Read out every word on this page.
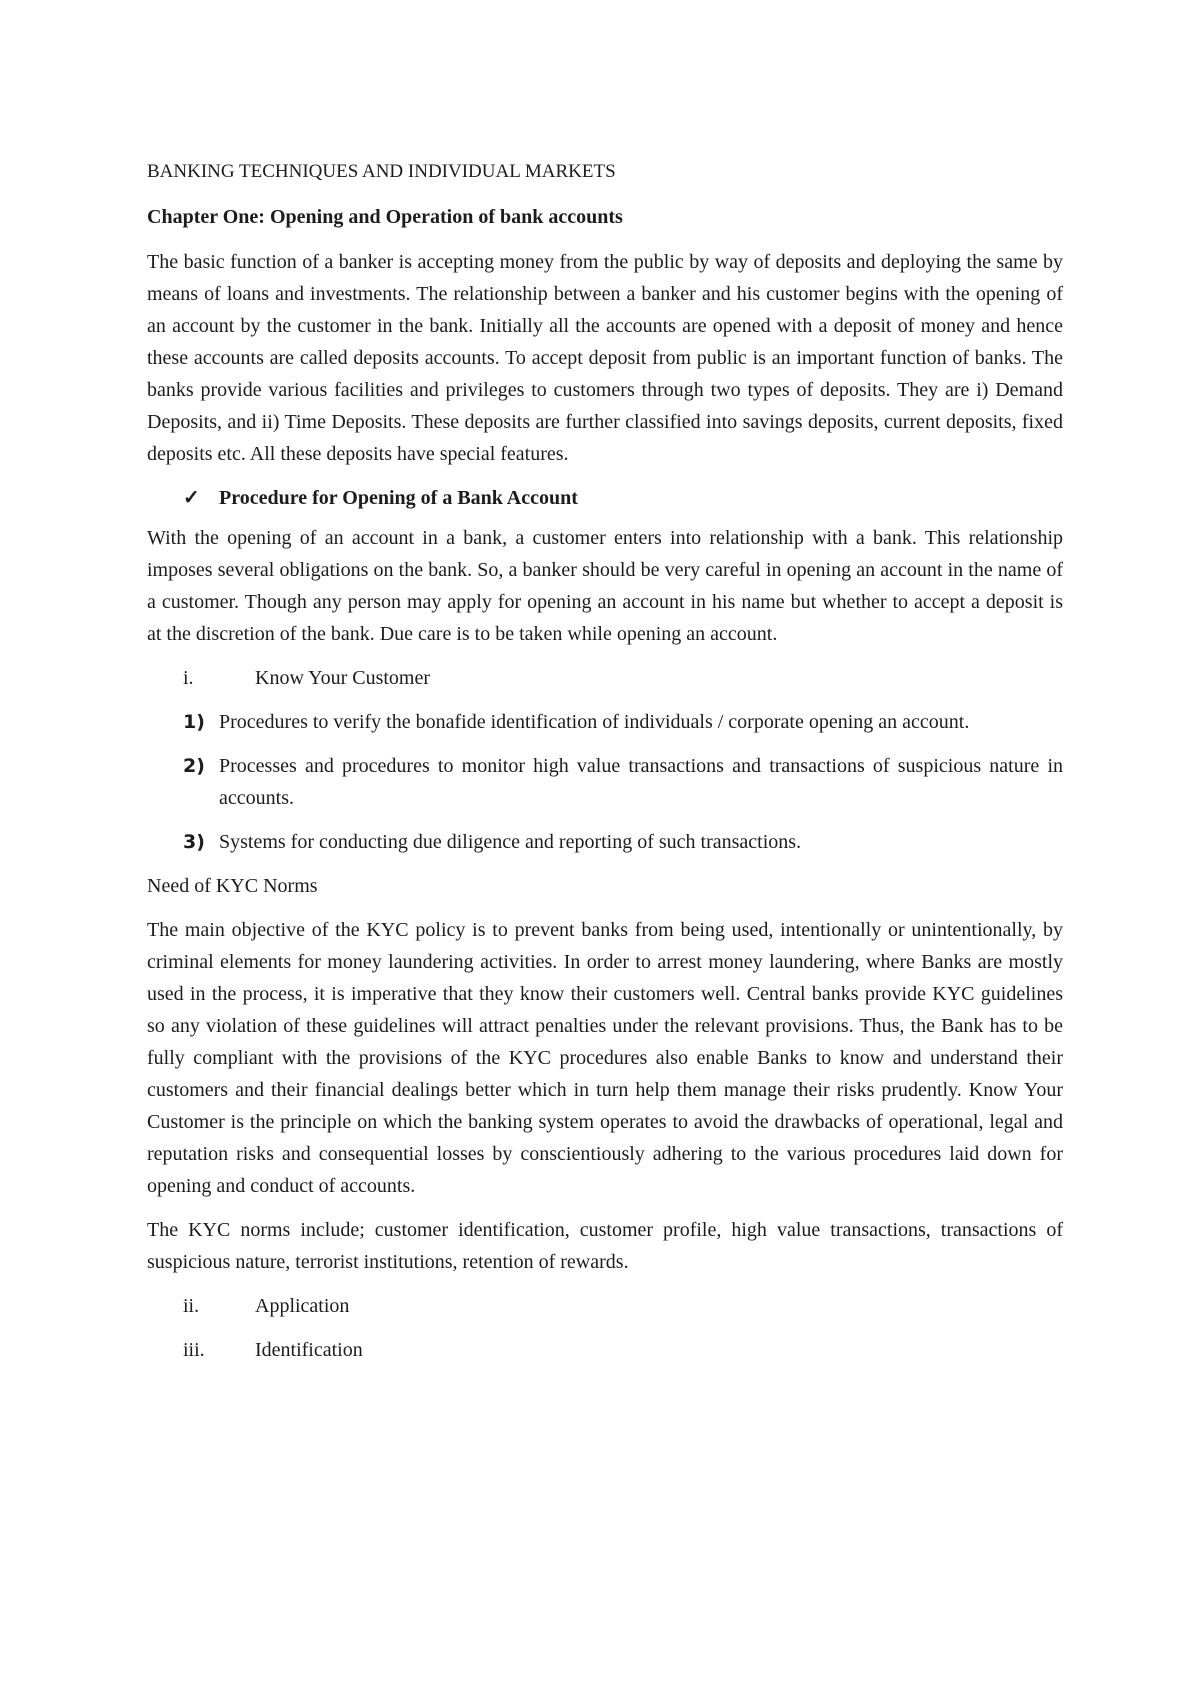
BANKING TECHNIQUES AND INDIVIDUAL MARKETS

Chapter One: Opening and Operation of bank accounts

The basic function of a banker is accepting money from the public by way of deposits and deploying the same by means of loans and investments. The relationship between a banker and his customer begins with the opening of an account by the customer in the bank. Initially all the accounts are opened with a deposit of money and hence these accounts are called deposits accounts. To accept deposit from public is an important function of banks. The banks provide various facilities and privileges to customers through two types of deposits. They are i) Demand Deposits, and ii) Time Deposits. These deposits are further classified into savings deposits, current deposits, fixed deposits etc. All these deposits have special features.

✓ Procedure for Opening of a Bank Account

With the opening of an account in a bank, a customer enters into relationship with a bank. This relationship imposes several obligations on the bank. So, a banker should be very careful in opening an account in the name of a customer. Though any person may apply for opening an account in his name but whether to accept a deposit is at the discretion of the bank. Due care is to be taken while opening an account.

i.	Know Your Customer
1) Procedures to verify the bonafide identification of individuals / corporate opening an account.
2) Processes and procedures to monitor high value transactions and transactions of suspicious nature in accounts.
3) Systems for conducting due diligence and reporting of such transactions.

Need of KYC Norms

The main objective of the KYC policy is to prevent banks from being used, intentionally or unintentionally, by criminal elements for money laundering activities. In order to arrest money laundering, where Banks are mostly used in the process, it is imperative that they know their customers well. Central banks provide KYC guidelines so any violation of these guidelines will attract penalties under the relevant provisions. Thus, the Bank has to be fully compliant with the provisions of the KYC procedures also enable Banks to know and understand their customers and their financial dealings better which in turn help them manage their risks prudently. Know Your Customer is the principle on which the banking system operates to avoid the drawbacks of operational, legal and reputation risks and consequential losses by conscientiously adhering to the various procedures laid down for opening and conduct of accounts.

The KYC norms include; customer identification, customer profile, high value transactions, transactions of suspicious nature, terrorist institutions, retention of rewards.

ii.	Application
iii.	Identification
